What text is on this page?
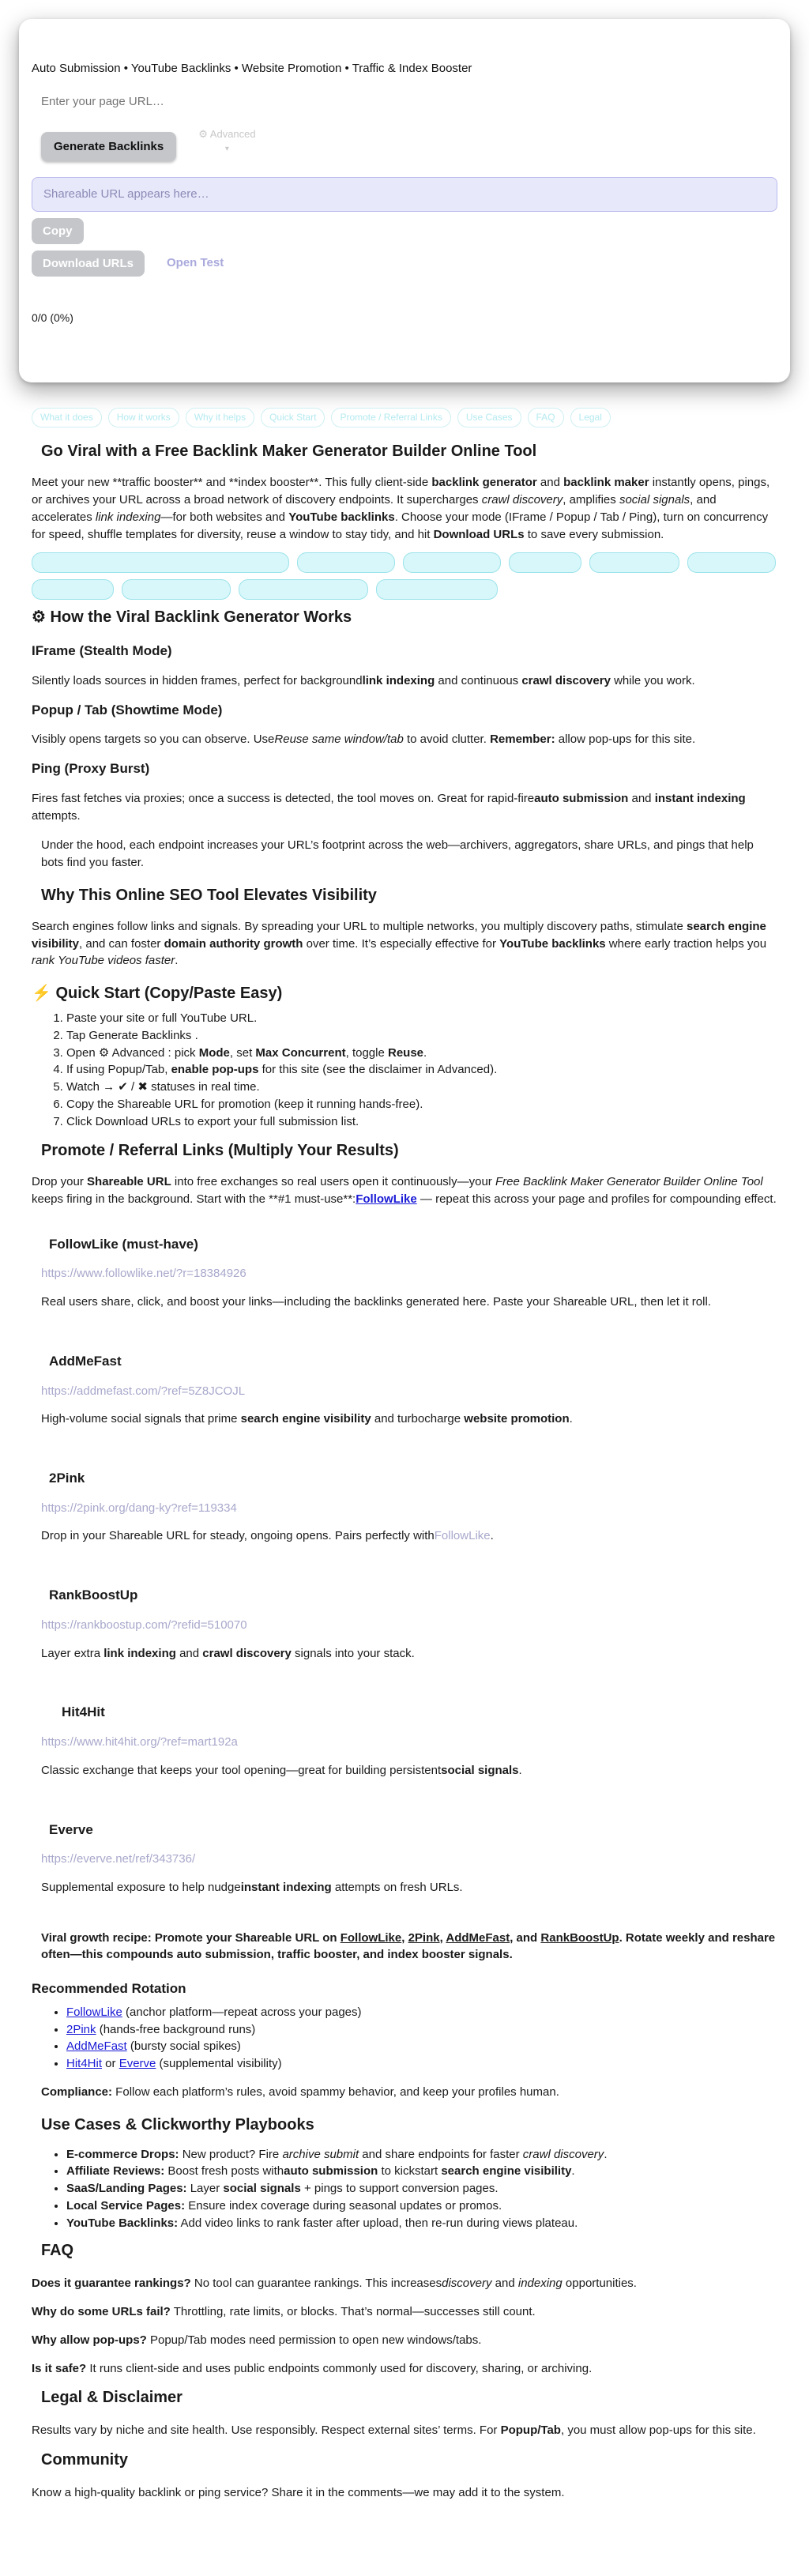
Auto Submission • YouTube Backlinks • Website Promotion • Traffic & Index Booster

Enter your page URL…
Generate Backlinks
⚙ Advanced
▾
Shareable URL appears here…
Copy
Download URLs	Open Test
0/0 (0%)
What it does	How it works	Why it helps	Quick Start	Promote / Referral Links	Use Cases	FAQ	Legal
Go Viral with a Free Backlink Maker Generator Builder Online Tool

Meet your new **traffic booster** and **index booster**. This fully client-side backlink generator and backlink maker instantly opens, pings, or archives your URL across a broad network of discovery endpoints. It supercharges crawl discovery, amplifies social signals, and accelerates link indexing—for both websites and YouTube backlinks. Choose your mode (IFrame / Popup / Tab / Ping), turn on concurrency for speed, shuffle templates for diversity, reuse a window to stay tidy, and hit Download URLs to save every submission.

⚙ How the Viral Backlink Generator Works
IFrame (Stealth Mode)

Silently loads sources in hidden frames, perfect for backgroundlink indexing and continuous crawl discovery while you work.

Popup / Tab (Showtime Mode)

Visibly opens targets so you can observe. UseReuse same window/tab to avoid clutter. Remember: allow pop-ups for this site.

Ping (Proxy Burst)

Fires fast fetches via proxies; once a success is detected, the tool moves on. Great for rapid-fireauto submission and instant indexing attempts.

Under the hood, each endpoint increases your URL’s footprint across the web—archivers, aggregators, share URLs, and pings that help bots find you faster.

Why This Online SEO Tool Elevates Visibility

Search engines follow links and signals. By spreading your URL to multiple networks, you multiply discovery paths, stimulate search engine visibility, and can foster domain authority growth over time. It’s especially effective for YouTube backlinks where early traction helps you rank YouTube videos faster.

⚡ Quick Start (Copy/Paste Easy)
1. Paste your site or full YouTube URL.
2. Tap Generate Backlinks .
3. Open ⚙ Advanced : pick Mode, set Max Concurrent, toggle Reuse.
4. If using Popup/Tab, enable pop-ups for this site (see the disclaimer in Advanced).
5. Watch → ✔ / ✖ statuses in real time.
6. Copy the Shareable URL for promotion (keep it running hands-free).
7. Click Download URLs to export your full submission list.
Promote / Referral Links (Multiply Your Results)

Drop your Shareable URL into free exchanges so real users open it continuously—your Free Backlink Maker Generator Builder Online Tool keeps firing in the background. Start with the **#1 must-use**:FollowLike — repeat this across your page and profiles for compounding effect.

FollowLike (must-have)
https://www.followlike.net/?r=18384926

Real users share, click, and boost your links—including the backlinks generated here. Paste your Shareable URL, then let it roll.

AddMeFast
https://addmefast.com/?ref=5Z8JCOJL

High-volume social signals that prime search engine visibility and turbocharge website promotion.

2Pink
https://2pink.org/dang-ky?ref=119334

Drop in your Shareable URL for steady, ongoing opens. Pairs perfectly withFollowLike.

RankBoostUp
https://rankboostup.com/?refid=510070

Layer extra link indexing and crawl discovery signals into your stack.

Hit4Hit
https://www.hit4hit.org/?ref=mart192a

Classic exchange that keeps your tool opening—great for building persistentsocial signals.

Everve
https://everve.net/ref/343736/

Supplemental exposure to help nudgeinstant indexing attempts on fresh URLs.

Viral growth recipe: Promote your Shareable URL on FollowLike, 2Pink, AddMeFast, and RankBoostUp. Rotate weekly and reshare often—this compounds auto submission, traffic booster, and index booster signals.

Recommended Rotation
• FollowLike (anchor platform—repeat across your pages)
• 2Pink (hands-free background runs)
• AddMeFast (bursty social spikes)
• Hit4Hit or Everve (supplemental visibility)

Compliance: Follow each platform’s rules, avoid spammy behavior, and keep your profiles human.

Use Cases & Clickworthy Playbooks
• E-commerce Drops: New product? Fire archive submit and share endpoints for faster crawl discovery.
• Affiliate Reviews: Boost fresh posts withauto submission to kickstart search engine visibility.
• SaaS/Landing Pages: Layer social signals + pings to support conversion pages.
• Local Service Pages: Ensure index coverage during seasonal updates or promos.
• YouTube Backlinks: Add video links to rank faster after upload, then re-run during views plateau.
FAQ

Does it guarantee rankings? No tool can guarantee rankings. This increasesdiscovery and indexing opportunities.

Why do some URLs fail? Throttling, rate limits, or blocks. That’s normal—successes still count.

Why allow pop-ups? Popup/Tab modes need permission to open new windows/tabs.

Is it safe? It runs client-side and uses public endpoints commonly used for discovery, sharing, or archiving.

Legal & Disclaimer

Results vary by niche and site health. Use responsibly. Respect external sites’ terms. For Popup/Tab, you must allow pop-ups for this site.

Community

Know a high-quality backlink or ping service? Share it in the comments—we may add it to the system.
